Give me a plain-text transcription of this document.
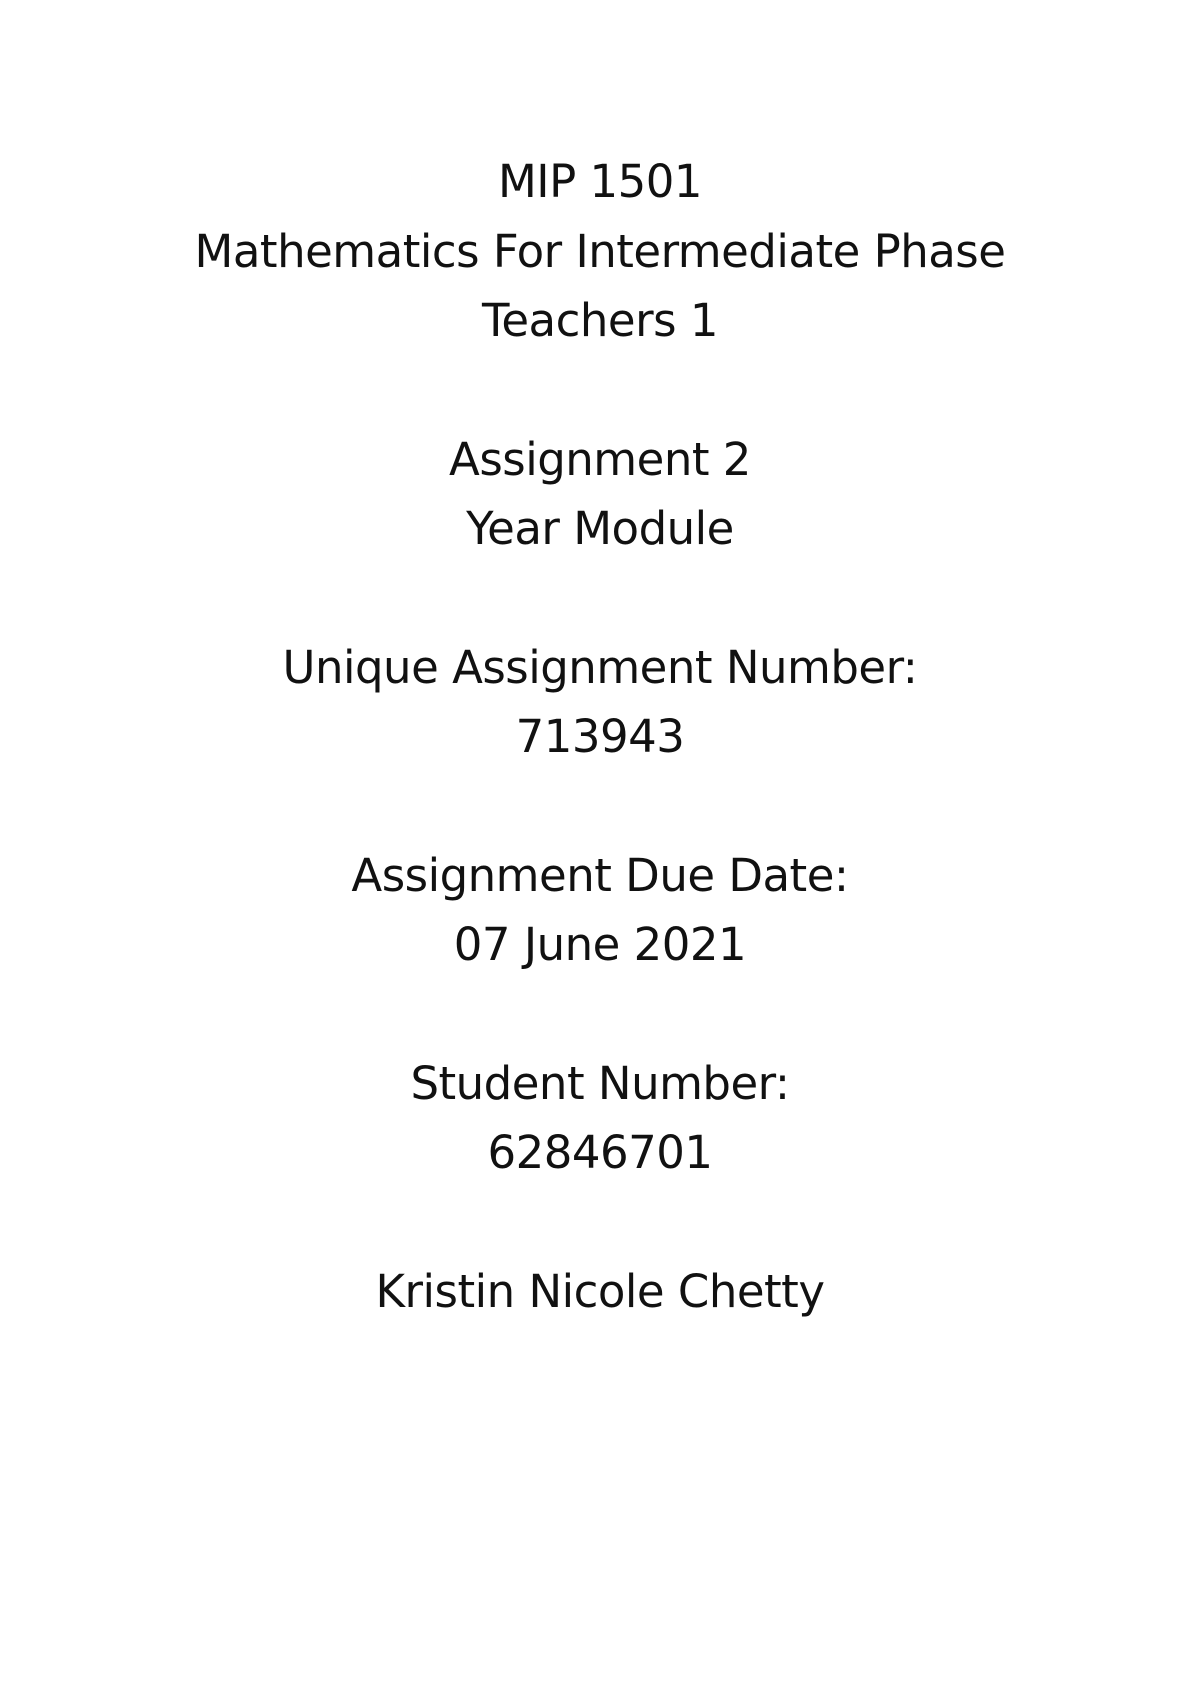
MIP 1501
Mathematics For Intermediate Phase
Teachers 1
Assignment 2
Year Module
Unique Assignment Number:
713943
Assignment Due Date:
07 June 2021
Student Number:
62846701
Kristin Nicole Chetty
